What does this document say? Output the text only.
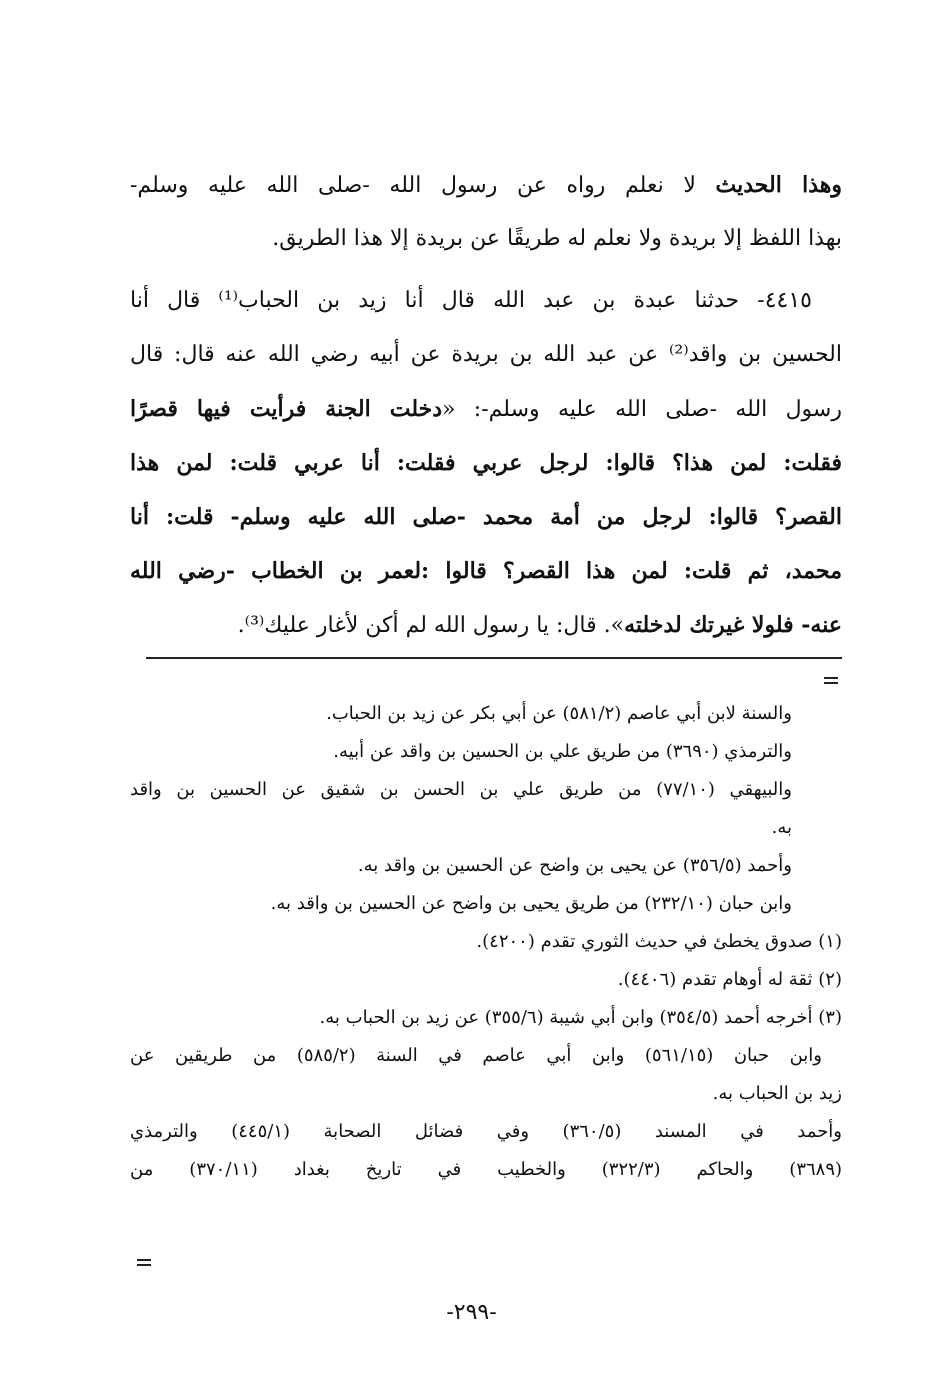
وهذا الحديث لا نعلم رواه عن رسول الله -صلى الله عليه وسلم-
بهذا اللفظ إلا بريدة ولا نعلم له طريقًا عن بريدة إلا هذا الطريق.
٤٤١٥- حدثنا عبدة بن عبد الله قال أنا زيد بن الحباب⁽¹⁾ قال أنا
الحسين بن واقد⁽²⁾ عن عبد الله بن بريدة عن أبيه رضي الله عنه قال: قال
رسول الله -صلى الله عليه وسلم-: «دخلت الجنة فرأيت فيها قصرًا
فقلت: لمن هذا؟ قالوا: لرجل عربي فقلت: أنا عربي قلت: لمن هذا
القصر؟ قالوا: لرجل من أمة محمد -صلى الله عليه وسلم- قلت: أنا
محمد، ثم قلت: لمن هذا القصر؟ قالوا :لعمر بن الخطاب -رضي الله
عنه- فلولا غيرتك لدخلته». قال: يا رسول الله لم أكن لأغار عليك⁽³⁾.
والسنة لابن أبي عاصم (٥٨١/٢) عن أبي بكر عن زيد بن الحباب.
والترمذي (٣٦٩٠) من طريق علي بن الحسين بن واقد عن أبيه.
والبيهقي (٧٧/١٠) من طريق علي بن الحسن بن شقيق عن الحسين بن واقد
به.
وأحمد (٣٥٦/٥) عن يحيى بن واضح عن الحسين بن واقد به.
وابن حبان (٢٣٢/١٠) من طريق يحيى بن واضح عن الحسين بن واقد به.
(١) صدوق يخطئ في حديث الثوري تقدم (٤٢٠٠).
(٢) ثقة له أوهام تقدم (٤٤٠٦).
(٣) أخرجه أحمد (٣٥٤/٥) وابن أبي شيبة (٣٥٥/٦) عن زيد بن الحباب به.
وابن حبان (٥٦١/١٥) وابن أبي عاصم في السنة (٥٨٥/٢) من طريقين عن
زيد بن الحباب به.
وأحمد في المسند (٣٦٠/٥) وفي فضائل الصحابة (٤٤٥/١) والترمذي
(٣٦٨٩) والحاكم (٣٢٢/٣) والخطيب في تاريخ بغداد (٣٧٠/١١) من
-٢٩٩-
